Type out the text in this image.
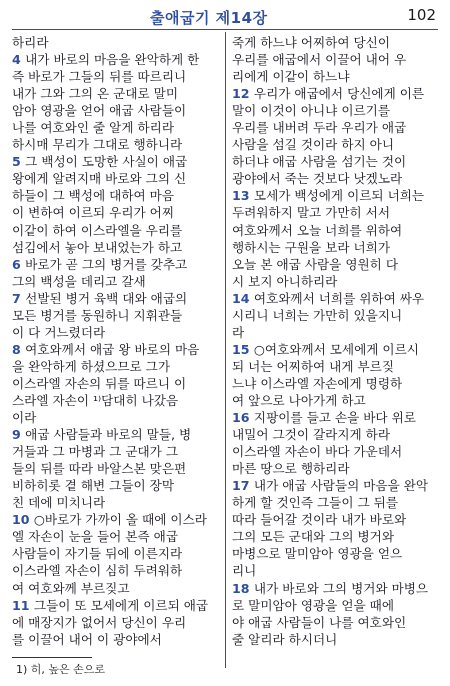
출애굽기 제14장	102
하리라
4 내가 바로의 마음을 완악하게 한
즉 바로가 그들의 뒤를 따르리니
내가 그와 그의 온 군대로 말미
암아 영광을 얻어 애굽 사람들이
나를 여호와인 줄 알게 하리라
하시매 무리가 그대로 행하니라
5 그 백성이 도망한 사실이 애굽
왕에게 알려지매 바로와 그의 신
하들이 그 백성에 대하여 마음
이 변하여 이르되 우리가 어찌
이같이 하여 이스라엘을 우리를
섬김에서 놓아 보내었는가 하고
6 바로가 곧 그의 병거를 갖추고
그의 백성을 데리고 갈새
7 선발된 병거 육백 대와 애굽의
모든 병거를 동원하니 지휘관들
이 다 거느렸더라
8 여호와께서 애굽 왕 바로의 마음
을 완악하게 하셨으므로 그가
이스라엘 자손의 뒤를 따르니 이
스라엘 자손이 ¹⁾담대히 나갔음
이라
9 애굽 사람들과 바로의 말들, 병
거들과 그 마병과 그 군대가 그
들의 뒤를 따라 바알스본 맞은편
비하히롯 곁 해변 그들이 장막
친 데에 미치니라
10 ○바로가 가까이 올 때에 이스라
엘 자손이 눈을 들어 본즉 애굽
사람들이 자기들 뒤에 이른지라
이스라엘 자손이 심히 두려워하
여 여호와께 부르짖고
11 그들이 또 모세에게 이르되 애굽
에 매장지가 없어서 당신이 우리
를 이끌어 내어 이 광야에서
죽게 하느냐 어찌하여 당신이
우리를 애굽에서 이끌어 내어 우
리에게 이같이 하느냐
12 우리가 애굽에서 당신에게 이른
말이 이것이 아니냐 이르기를
우리를 내버려 두라 우리가 애굽
사람을 섬길 것이라 하지 아니
하더냐 애굽 사람을 섬기는 것이
광야에서 죽는 것보다 낫겠노라
13 모세가 백성에게 이르되 너희는
두려워하지 말고 가만히 서서
여호와께서 오늘 너희를 위하여
행하시는 구원을 보라 너희가
오늘 본 애굽 사람을 영원히 다
시 보지 아니하리라
14 여호와께서 너희를 위하여 싸우
시리니 너희는 가만히 있을지니
라
15 ○여호와께서 모세에게 이르시
되 너는 어찌하여 내게 부르짖
느냐 이스라엘 자손에게 명령하
여 앞으로 나아가게 하고
16 지팡이를 들고 손을 바다 위로
내밀어 그것이 갈라지게 하라
이스라엘 자손이 바다 가운데서
마른 땅으로 행하리라
17 내가 애굽 사람들의 마음을 완악
하게 할 것인즉 그들이 그 뒤를
따라 들어갈 것이라 내가 바로와
그의 모든 군대와 그의 병거와
마병으로 말미암아 영광을 얻으
리니
18 내가 바로와 그의 병거와 마병으
로 말미암아 영광을 얻을 때에
야 애굽 사람들이 나를 여호와인
줄 알리라 하시더니
1) 히, 높은 손으로
